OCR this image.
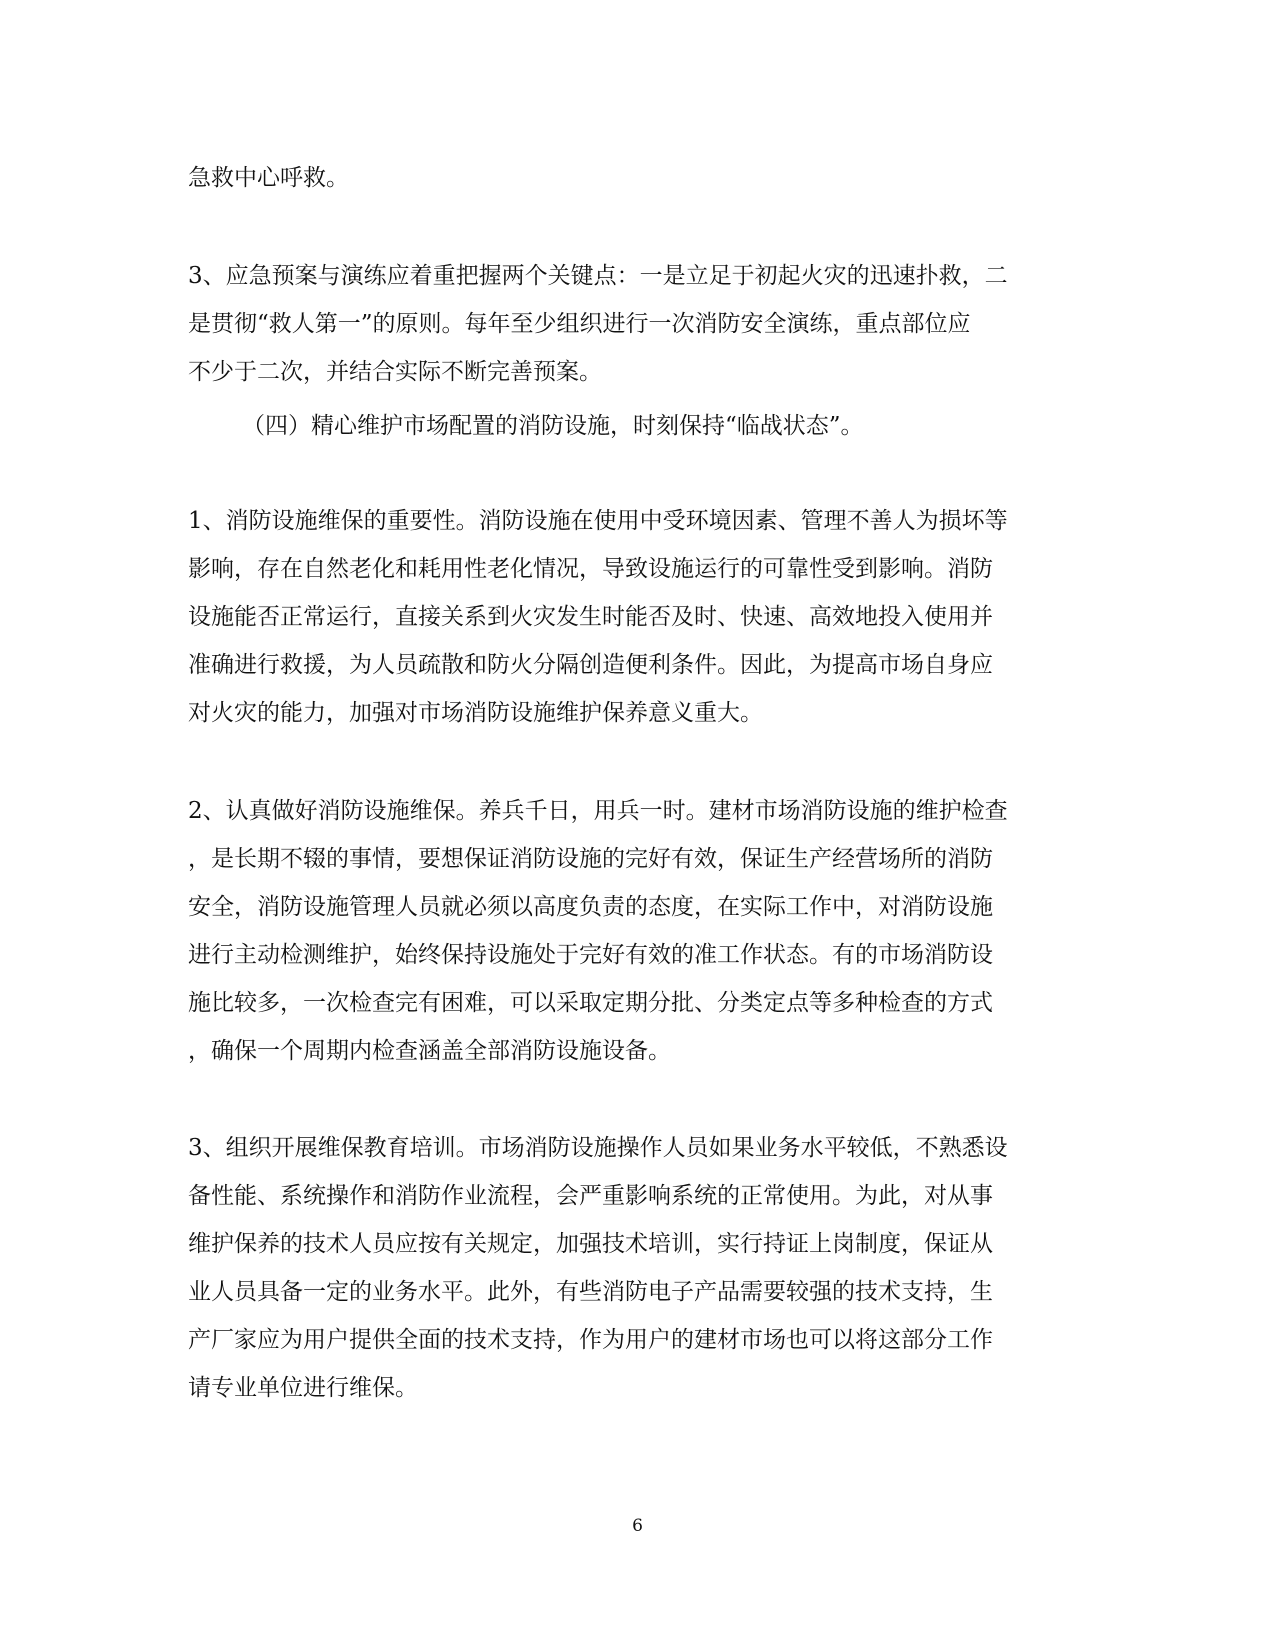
急救中心呼救。
3、应急预案与演练应着重把握两个关键点：一是立足于初起火灾的迅速扑救，二
是贯彻“救人第一”的原则。每年至少组织进行一次消防安全演练，重点部位应
不少于二次，并结合实际不断完善预案。
（四）精心维护市场配置的消防设施，时刻保持“临战状态”。
1、消防设施维保的重要性。消防设施在使用中受环境因素、管理不善人为损坏等
影响，存在自然老化和耗用性老化情况，导致设施运行的可靠性受到影响。消防
设施能否正常运行，直接关系到火灾发生时能否及时、快速、高效地投入使用并
准确进行救援，为人员疏散和防火分隔创造便利条件。因此，为提高市场自身应
对火灾的能力，加强对市场消防设施维护保养意义重大。
2、认真做好消防设施维保。养兵千日，用兵一时。建材市场消防设施的维护检查
，是长期不辍的事情，要想保证消防设施的完好有效，保证生产经营场所的消防
安全，消防设施管理人员就必须以高度负责的态度，在实际工作中，对消防设施
进行主动检测维护，始终保持设施处于完好有效的准工作状态。有的市场消防设
施比较多，一次检查完有困难，可以采取定期分批、分类定点等多种检查的方式
，确保一个周期内检查涵盖全部消防设施设备。
3、组织开展维保教育培训。市场消防设施操作人员如果业务水平较低，不熟悉设
备性能、系统操作和消防作业流程，会严重影响系统的正常使用。为此，对从事
维护保养的技术人员应按有关规定，加强技术培训，实行持证上岗制度，保证从
业人员具备一定的业务水平。此外，有些消防电子产品需要较强的技术支持，生
产厂家应为用户提供全面的技术支持，作为用户的建材市场也可以将这部分工作
请专业单位进行维保。
6
